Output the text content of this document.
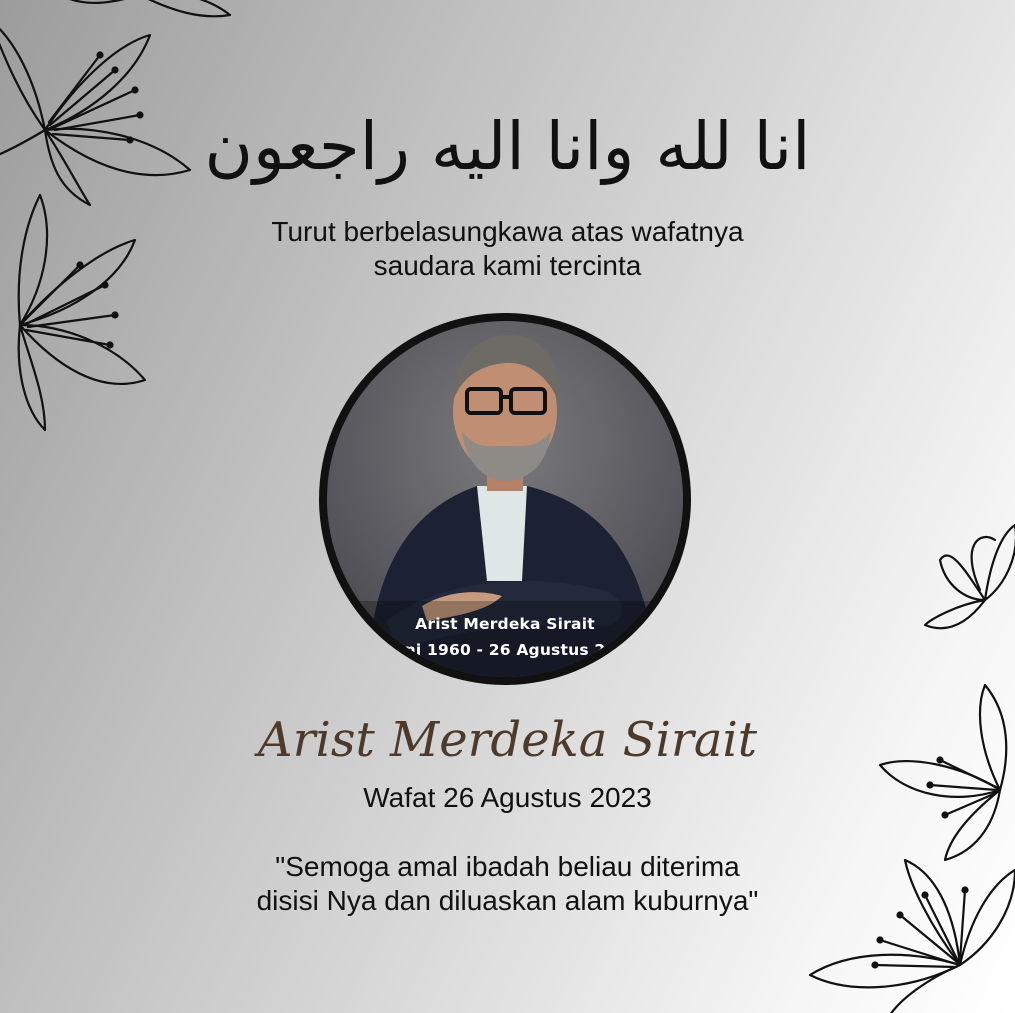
انا لله وانا اليه راجعون
Turut berbelasungkawa atas wafatnya
saudara kami tercinta
Arist Merdeka Sirait
ni 1960 - 26 Agustus 2
Arist Merdeka Sirait
Wafat 26 Agustus 2023
"Semoga amal ibadah beliau diterima
disisi Nya dan diluaskan alam kuburnya"
